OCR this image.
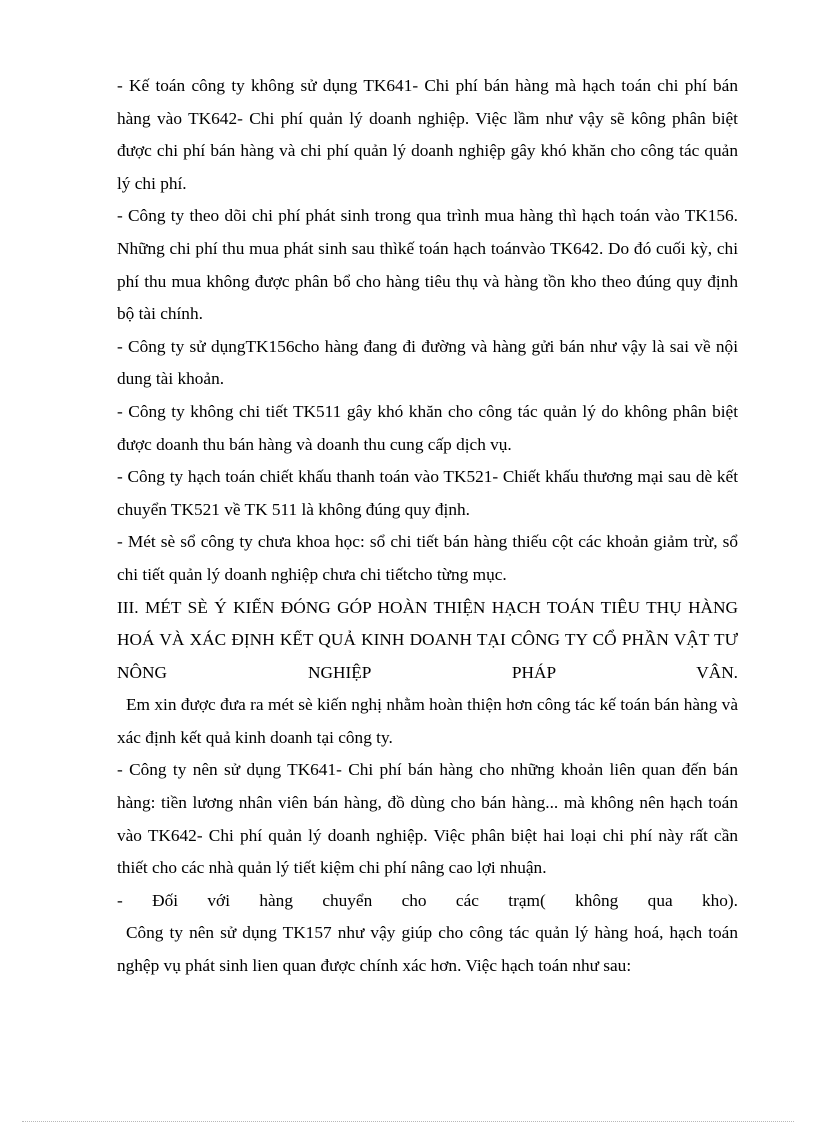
- Kế toán công ty không sử dụng TK641- Chi phí bán hàng mà hạch toán chi phí bán hàng vào TK642- Chi phí quản lý doanh nghiệp. Việc lầm như vậy sẽ kông phân biệt được chi phí bán hàng và chi phí quản lý doanh nghiệp gây khó khăn cho công tác quản lý chi phí.

- Công ty theo dõi chi phí phát sinh trong qua trình mua hàng thì hạch toán vào TK156. Những chi phí thu mua phát sinh sau thìkế toán hạch toánvào TK642. Do đó cuối kỳ, chi phí thu mua không được phân bổ cho hàng tiêu thụ và hàng tồn kho theo đúng quy định bộ tài chính.

- Công ty sử dụngTK156cho hàng đang đi đường và hàng gửi bán như vậy là sai về nội dung tài khoản.

- Công ty không chi tiết TK511 gây khó khăn cho công tác quản lý do không phân biệt được doanh thu bán hàng và doanh thu cung cấp dịch vụ.

- Công ty hạch toán chiết khấu thanh toán vào TK521- Chiết khấu thương mại sau dè kết chuyển TK521 về TK 511 là không đúng quy định.

- Mét sè sổ công ty chưa khoa học: sổ chi tiết bán hàng thiếu cột các khoản giảm trừ, sổ chi tiết quản lý doanh nghiệp chưa chi tiếtcho từng mục.

III. MÉT SÈ Ý KIẾN ĐÓNG GÓP HOÀN THIỆN HẠCH TOÁN TIÊU THỤ HÀNG HOÁ VÀ XÁC ĐỊNH KẾT QUẢ KINH DOANH TẠI CÔNG TY CỔ PHẦN VẬT TƯ NÔNG NGHIỆP PHÁP VÂN.

Em xin được đưa ra mét sè kiến nghị nhằm hoàn thiện hơn công tác kế toán bán hàng và xác định kết quả kinh doanh tại công ty.

- Công ty nên sử dụng TK641- Chi phí bán hàng cho những khoản liên quan đến bán hàng: tiền lương nhân viên bán hàng, đồ dùng cho bán hàng... mà không nên hạch toán vào TK642- Chi phí quản lý doanh nghiệp. Việc phân biệt hai loại chi phí này rất cần thiết cho các nhà quản lý tiết kiệm chi phí nâng cao lợi nhuận.

- Đối với hàng chuyển cho các trạm( không qua kho).

Công ty nên sử dụng TK157 như vậy giúp cho công tác quản lý hàng hoá, hạch toán nghệp vụ phát sinh lien quan được chính xác hơn. Việc hạch toán như sau:
